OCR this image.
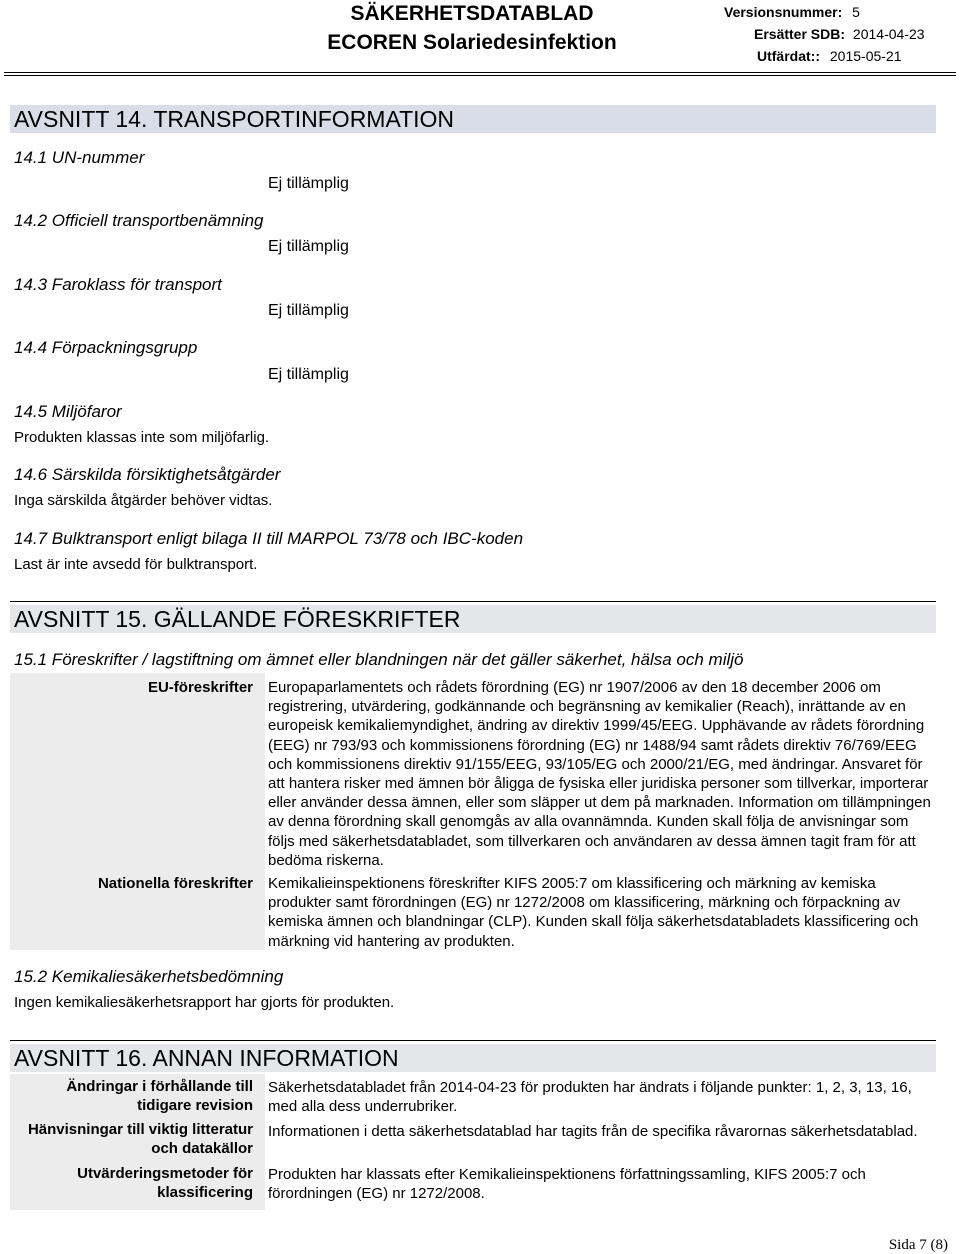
SÄKERHETSDATABLAD
ECOREN Solariedesinfektion
Versionsnummer: 5
Ersätter SDB: 2014-04-23
Utfärdat:: 2015-05-21
AVSNITT 14. TRANSPORTINFORMATION
14.1 UN-nummer
Ej tillämplig
14.2 Officiell transportbenämning
Ej tillämplig
14.3 Faroklass för transport
Ej tillämplig
14.4 Förpackningsgrupp
Ej tillämplig
14.5 Miljöfaror
Produkten klassas inte som miljöfarlig.
14.6 Särskilda försiktighetsåtgärder
Inga särskilda åtgärder behöver vidtas.
14.7 Bulktransport enligt bilaga II till MARPOL 73/78 och IBC-koden
Last är inte avsedd för bulktransport.
AVSNITT 15. GÄLLANDE FÖRESKRIFTER
15.1 Föreskrifter / lagstiftning om ämnet eller blandningen när det gäller säkerhet, hälsa och miljö
EU-föreskrifter
Nationella föreskrifter
Europaparlamentets och rådets förordning (EG) nr 1907/2006 av den 18 december 2006 om registrering, utvärdering, godkännande och begränsning av kemikalier (Reach), inrättande av en europeisk kemikaliemyndighet, ändring av direktiv 1999/45/EEG. Upphävande av rådets förordning (EEG) nr 793/93 och kommissionens förordning (EG) nr 1488/94 samt rådets direktiv 76/769/EEG och kommissionens direktiv 91/155/EEG, 93/105/EG och 2000/21/EG, med ändringar. Ansvaret för att hantera risker med ämnen bör åligga de fysiska eller juridiska personer som tillverkar, importerar eller använder dessa ämnen, eller som släpper ut dem på marknaden. Information om tillämpningen av denna förordning skall genomgås av alla ovannämnda. Kunden skall följa de anvisningar som följs med säkerhetsdatabladet, som tillverkaren och användaren av dessa ämnen tagit fram för att bedöma riskerna.
Kemikalieinspektionens föreskrifter KIFS 2005:7 om klassificering och märkning av kemiska produkter samt förordningen (EG) nr 1272/2008 om klassificering, märkning och förpackning av kemiska ämnen och blandningar (CLP). Kunden skall följa säkerhetsdatabladets klassificering och märkning vid hantering av produkten.
15.2 Kemikaliesäkerhetsbedömning
Ingen kemikaliesäkerhetsrapport har gjorts för produkten.
AVSNITT 16. ANNAN INFORMATION
Ändringar i förhållande till tidigare revision
Hänvisningar till viktig litteratur och datakällor
Utvärderingsmetoder för klassificering
Säkerhetsdatabladet från 2014-04-23 för produkten har ändrats i följande punkter: 1, 2, 3, 13, 16, med alla dess underrubriker.
Informationen i detta säkerhetsdatablad har tagits från de specifika råvarornas säkerhetsdatablad.
Produkten har klassats efter Kemikalieinspektionens författningssamling, KIFS 2005:7 och förordningen (EG) nr 1272/2008.
Sida 7 (8)
